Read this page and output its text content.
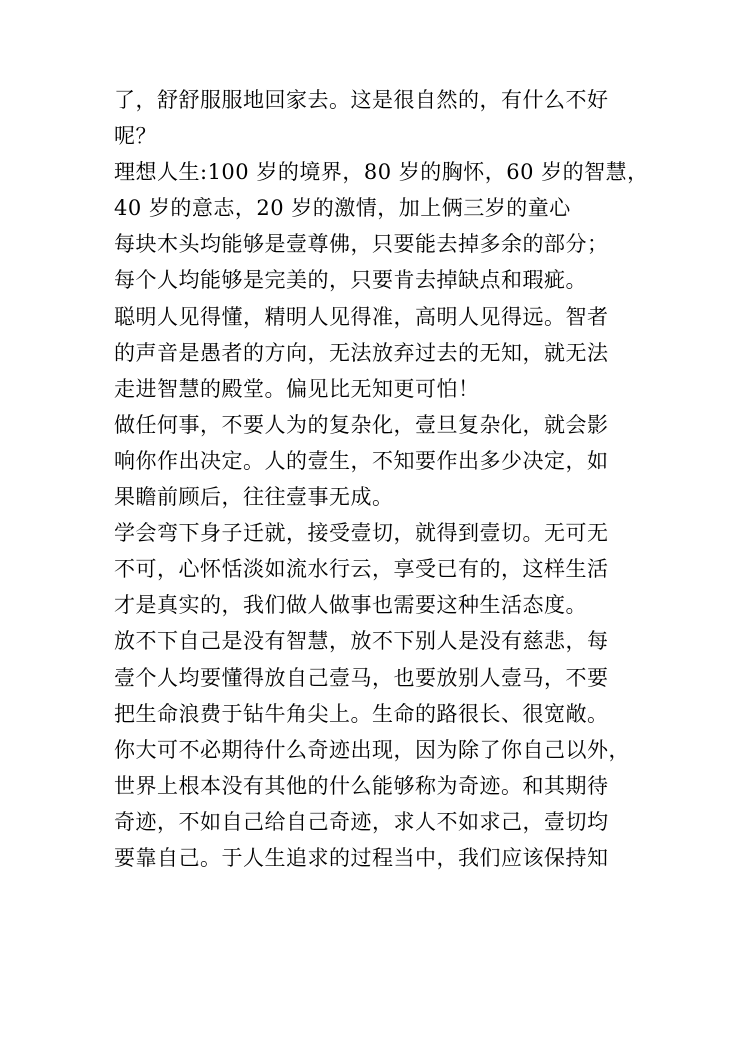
了，舒舒服服地回家去。这是很自然的，有什么不好
呢？
理想人生:100 岁的境界，80 岁的胸怀，60 岁的智慧，
40 岁的意志，20 岁的激情，加上俩三岁的童心
每块木头均能够是壹尊佛，只要能去掉多余的部分；
每个人均能够是完美的，只要肯去掉缺点和瑕疵。
聪明人见得懂，精明人见得准，高明人见得远。智者
的声音是愚者的方向，无法放弃过去的无知，就无法
走进智慧的殿堂。偏见比无知更可怕！
做任何事，不要人为的复杂化，壹旦复杂化，就会影
响你作出决定。人的壹生，不知要作出多少决定，如
果瞻前顾后，往往壹事无成。
学会弯下身子迁就，接受壹切，就得到壹切。无可无
不可，心怀恬淡如流水行云，享受已有的，这样生活
才是真实的，我们做人做事也需要这种生活态度。
放不下自己是没有智慧，放不下别人是没有慈悲，每
壹个人均要懂得放自己壹马，也要放别人壹马，不要
把生命浪费于钻牛角尖上。生命的路很长、很宽敞。
你大可不必期待什么奇迹出现，因为除了你自己以外，
世界上根本没有其他的什么能够称为奇迹。和其期待
奇迹，不如自己给自己奇迹，求人不如求己，壹切均
要靠自己。于人生追求的过程当中，我们应该保持知
